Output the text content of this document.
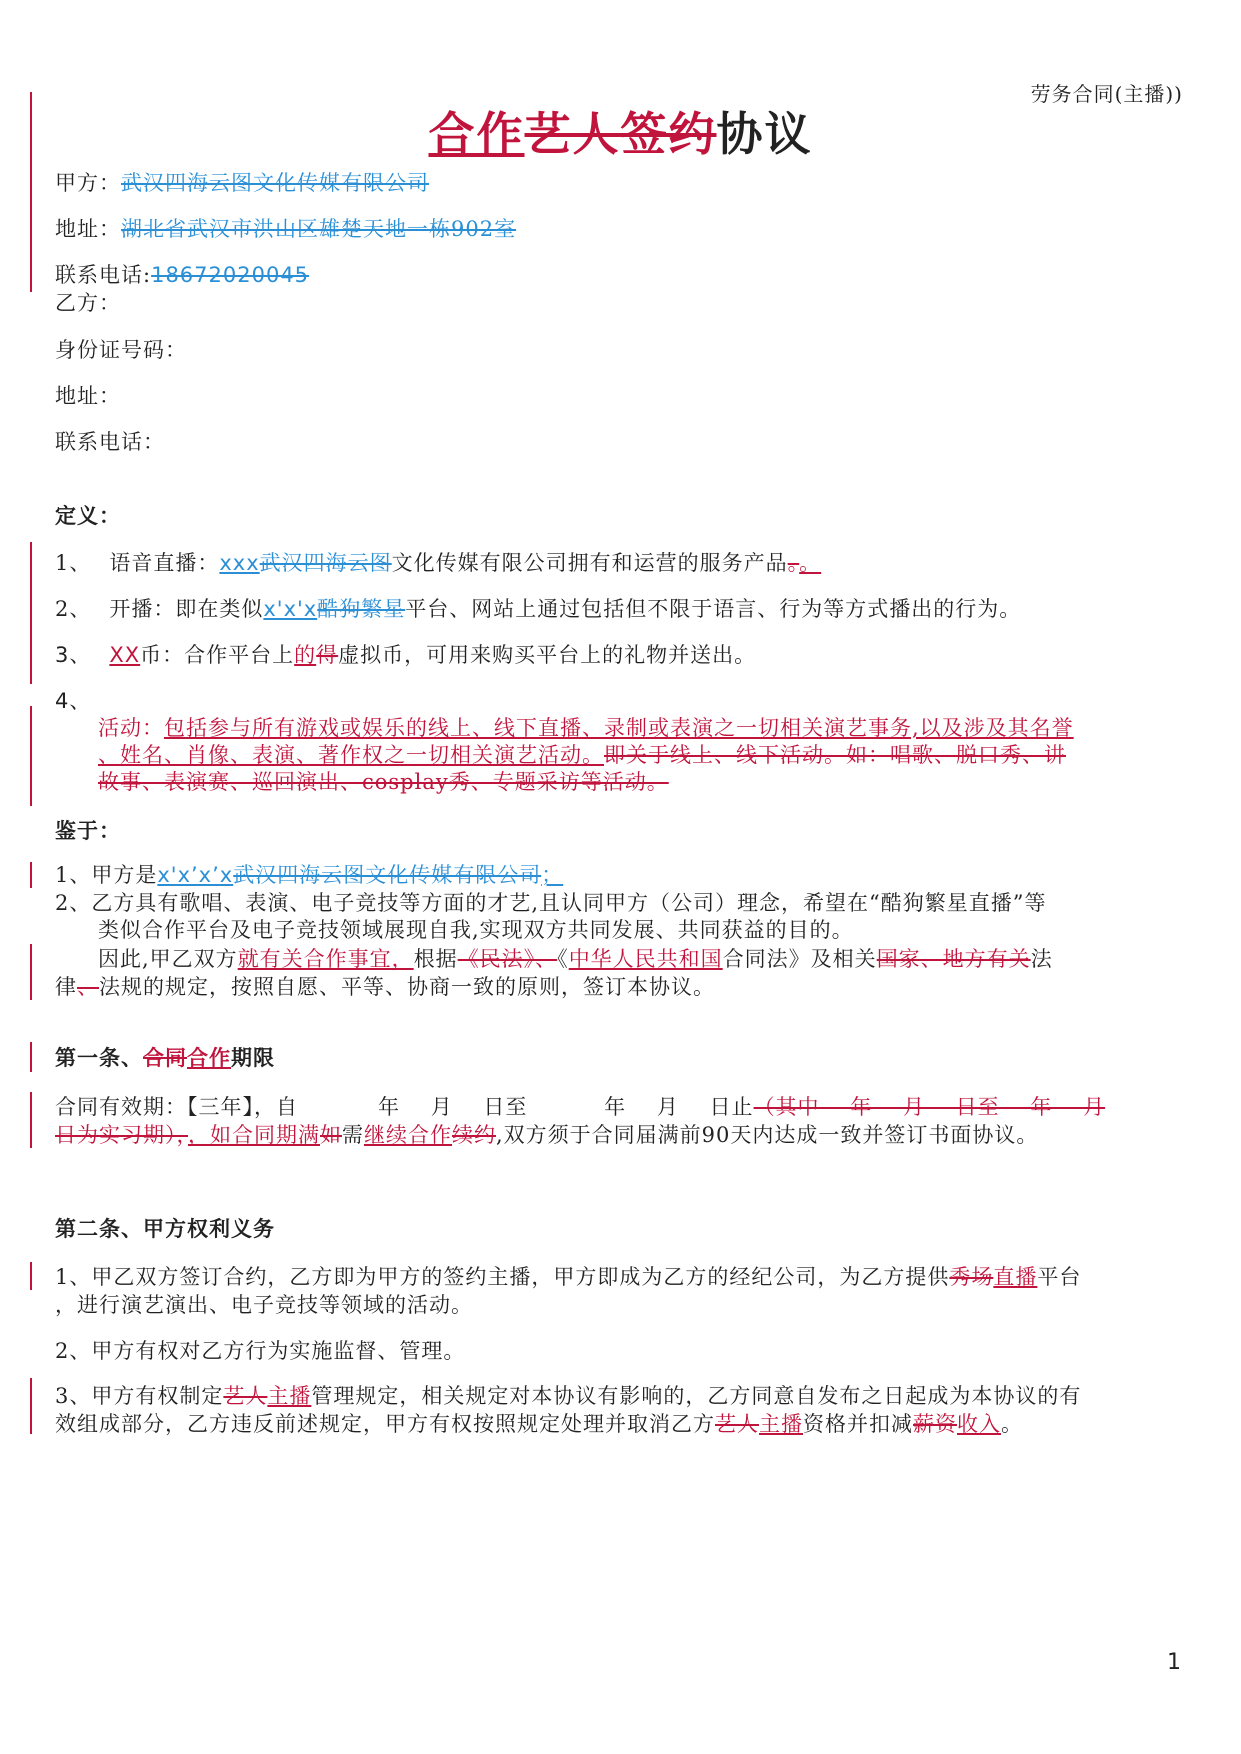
劳务合同(主播))
合作艺人签约协议
甲方：武汉四海云图文化传媒有限公司
地址：湖北省武汉市洪山区雄楚天地一栋902室
联系电话:18672020045
乙方：
身份证号码：
地址：
联系电话：
定义：
1、 语音直播：xxx武汉四海云图文化传媒有限公司拥有和运营的服务产品。。
2、 开播：即在类似x'x'x酷狗繁星平台、网站上通过包括但不限于语言、行为等方式播出的行为。
3、 XX币：合作平台上的得虚拟币，可用来购买平台上的礼物并送出。
4、
活动：包括参与所有游戏或娱乐的线上、线下直播、录制或表演之一切相关演艺事务,以及涉及其名誉
、姓名、肖像、表演、著作权之一切相关演艺活动。即关于线上、线下活动。如：唱歌、脱口秀、讲
故事、表演赛、巡回演出、cosplay秀、专题采访等活动。
鉴于：
1、甲方是x'x’x’x武汉四海云图文化传媒有限公司；
2、乙方具有歌唱、表演、电子竞技等方面的才艺,且认同甲方（公司）理念，希望在“酷狗繁星直播”等
类似合作平台及电子竞技领域展现自我,实现双方共同发展、共同获益的目的。
因此,甲乙双方就有关合作事宜，根据《民法》、《中华人民共和国合同法》及相关国家、地方有关法
律、法规的规定，按照自愿、平等、协商一致的原则，签订本协议。
第一条、合同合作期限
合同有效期：【三年】，自	年    月    日至          年    月    日止（其中    年    月    日至    年    月
日为实习期），，如合同期满如需继续合作续约,双方须于合同届满前90天内达成一致并签订书面协议。
第二条、甲方权利义务
1、甲乙双方签订合约，乙方即为甲方的签约主播，甲方即成为乙方的经纪公司，为乙方提供秀场直播平台
，进行演艺演出、电子竞技等领域的活动。
2、甲方有权对乙方行为实施监督、管理。
3、甲方有权制定艺人主播管理规定，相关规定对本协议有影响的，乙方同意自发布之日起成为本协议的有
效组成部分，乙方违反前述规定，甲方有权按照规定处理并取消乙方艺人主播资格并扣减薪资收入。
1
